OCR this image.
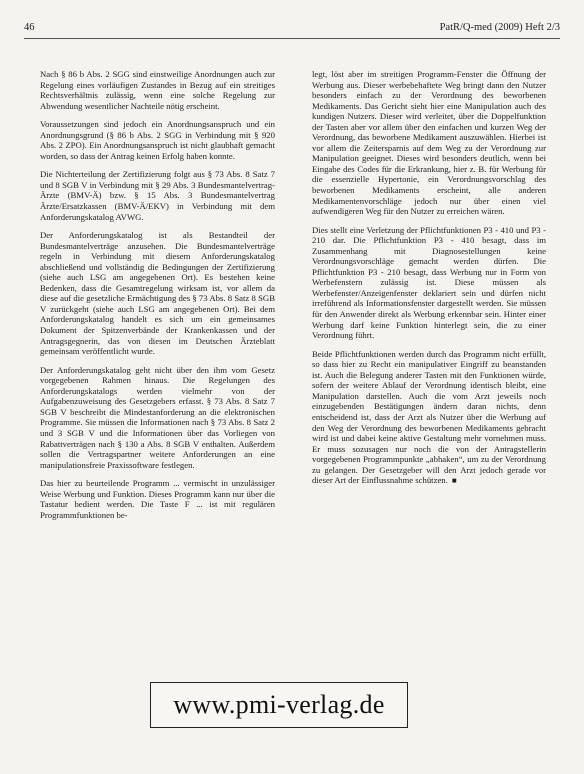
46	PatR/Q-med (2009) Heft 2/3

Nach § 86 b Abs. 2 SGG sind einstweilige Anordnungen auch zur Regelung eines vorläufigen Zustandes in Bezug auf ein streitiges Rechtsverhältnis zulässig, wenn eine solche Regelung zur Abwendung wesentlicher Nachteile nötig erscheint.

Voraussetzungen sind jedoch ein Anordnungsanspruch und ein Anordnungsgrund (§ 86 b Abs. 2 SGG in Verbindung mit § 920 Abs. 2 ZPO). Ein Anordnungsanspruch ist nicht glaubhaft gemacht worden, so dass der Antrag keinen Erfolg haben konnte.

Die Nichterteilung der Zertifizierung folgt aus § 73 Abs. 8 Satz 7 und 8 SGB V in Verbindung mit § 29 Abs. 3 Bundesmantelvertrag-Ärzte (BMV-Ä) bzw. § 15 Abs. 3 Bundesmantelvertrag Ärzte/Ersatzkassen (BMV-Ä/EKV) in Verbindung mit dem Anforderungskatalog AVWG.

Der Anforderungskatalog ist als Bestandteil der Bundesmantelverträge anzusehen. Die Bundesmantelverträge regeln in Verbindung mit diesem Anforderungskatalog abschließend und vollständig die Bedingungen der Zertifizierung (siehe auch LSG am angegebenen Ort). Es bestehen keine Bedenken, dass die Gesamtregelung wirksam ist, vor allem da diese auf die gesetzliche Ermächtigung des § 73 Abs. 8 Satz 8 SGB V zurückgeht (siehe auch LSG am angegebenen Ort). Bei dem Anforderungskatalog handelt es sich um ein gemeinsames Dokument der Spitzenverbände der Krankenkassen und der Antragsgegnerin, das von diesen im Deutschen Ärzteblatt gemeinsam veröffentlicht wurde.

Der Anforderungskatalog geht nicht über den ihm vom Gesetz vorgegebenen Rahmen hinaus. Die Regelungen des Anforderungskatalogs werden vielmehr von der Aufgabenzuweisung des Gesetzgebers erfasst. § 73 Abs. 8 Satz 7 SGB V beschreibt die Mindestanforderung an die elektronischen Programme. Sie müssen die Informationen nach § 73 Abs. 8 Satz 2 und 3 SGB V und die Informationen über das Vorliegen von Rabattverträgen nach § 130 a Abs. 8 SGB V enthalten. Außerdem sollen die Vertragspartner weitere Anforderungen an eine manipulationsfreie Praxissoftware festlegen.

Das hier zu beurteilende Programm ... vermischt in unzulässiger Weise Werbung und Funktion. Dieses Programm kann nur über die Tastatur bedient werden. Die Taste F ... ist mit regulären Programmfunktionen be-

legt, löst aber im streitigen Programm-Fenster die Öffnung der Werbung aus. Dieser werbebehaftete Weg bringt dann den Nutzer besonders einfach zu der Verordnung des beworbenen Medikaments. Das Gericht sieht hier eine Manipulation auch des kundigen Nutzers. Dieser wird verleitet, über die Doppelfunktion der Tasten aber vor allem über den einfachen und kurzen Weg der Verordnung, das beworbene Medikament auszuwählen. Hierbei ist vor allem die Zeitersparnis auf dem Weg zu der Verordnung zur Manipulation geeignet. Dieses wird besonders deutlich, wenn bei Eingabe des Codes für die Erkrankung, hier z. B. für Werbung für die essenzielle Hypertonie, ein Verordnungsvorschlag des beworbenen Medikaments erscheint, alle anderen Medikamentenvorschläge jedoch nur über einen viel aufwendigeren Weg für den Nutzer zu erreichen wären.

Dies stellt eine Verletzung der Pflichtfunktionen P3 - 410 und P3 - 210 dar. Die Pflichtfunktion P3 - 410 besagt, dass im Zusammenhang mit Diagnosestellungen keine Verordnungsvorschläge gemacht werden dürfen. Die Pflichtfunktion P3 - 210 besagt, dass Werbung nur in Form von Werbefenstern zulässig ist. Diese müssen als Werbefenster/Anzeigenfenster deklariert sein und dürfen nicht irreführend als Informationsfenster dargestellt werden. Sie müssen für den Anwender direkt als Werbung erkennbar sein. Hinter einer Werbung darf keine Funktion hinterlegt sein, die zu einer Verordnung führt.

Beide Pflichtfunktionen werden durch das Programm nicht erfüllt, so dass hier zu Recht ein manipulativer Eingriff zu beanstanden ist. Auch die Belegung anderer Tasten mit den Funktionen würde, sofern der weitere Ablauf der Verordnung identisch bleibt, eine Manipulation darstellen. Auch die vom Arzt jeweils noch einzugebenden Bestätigungen ändern daran nichts, denn entscheidend ist, dass der Arzt als Nutzer über die Werbung auf den Weg der Verordnung des beworbenen Medikaments gebracht wird ist und dabei keine aktive Gestaltung mehr vornehmen muss. Er muss sozusagen nur noch die von der Antragstellerin vorgegebenen Programmpunkte „abhaken“, um zu der Verordnung zu gelangen. Der Gesetzgeber will den Arzt jedoch gerade vor dieser Art der Einflussnahme schützen. ■

www.pmi-verlag.de
